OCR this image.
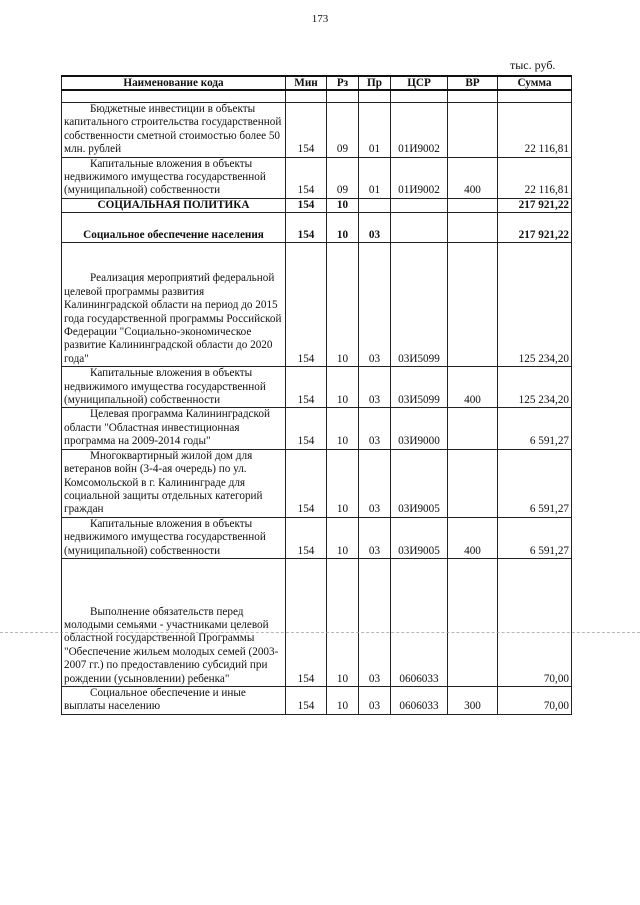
173
тыс. руб.
Наименование кода	Мин	Рз	Пр	ЦСР	ВР	Сумма

Бюджетные инвестиции в объекты капитального строительства государственной собственности сметной стоимостью более 50 млн. рублей	154	09	01	01И9002		22 116,81

Капитальные вложения в объекты недвижимого имущества государственной (муниципальной) собственности	154	09	01	01И9002	400	22 116,81
СОЦИАЛЬНАЯ ПОЛИТИКА	154	10				217 921,22
Социальное обеспечение населения	154	10	03			217 921,22

Реализация мероприятий федеральной целевой программы развития Калининградской области на период до 2015 года государственной программы Российской Федерации "Социально-экономическое развитие Калининградской области до 2020 года"	154	10	03	03И5099		125 234,20

Капитальные вложения в объекты недвижимого имущества государственной (муниципальной) собственности	154	10	03	03И5099	400	125 234,20

Целевая программа Калининградской области "Областная инвестиционная программа на 2009-2014 годы"	154	10	03	03И9000		6 591,27

Многоквартирный жилой дом для ветеранов войн (3-4-ая очередь) по ул. Комсомольской в г. Калининграде для социальной защиты отдельных категорий граждан	154	10	03	03И9005		6 591,27

Капитальные вложения в объекты недвижимого имущества государственной (муниципальной) собственности	154	10	03	03И9005	400	6 591,27

Выполнение обязательств перед молодыми семьями - участниками целевой областной государственной Программы "Обеспечение жильем молодых семей (2003-2007 гг.) по предоставлению субсидий при рождении (усыновлении) ребенка"	154	10	03	0606033		70,00

Социальное обеспечение и иные выплаты населению	154	10	03	0606033	300	70,00
